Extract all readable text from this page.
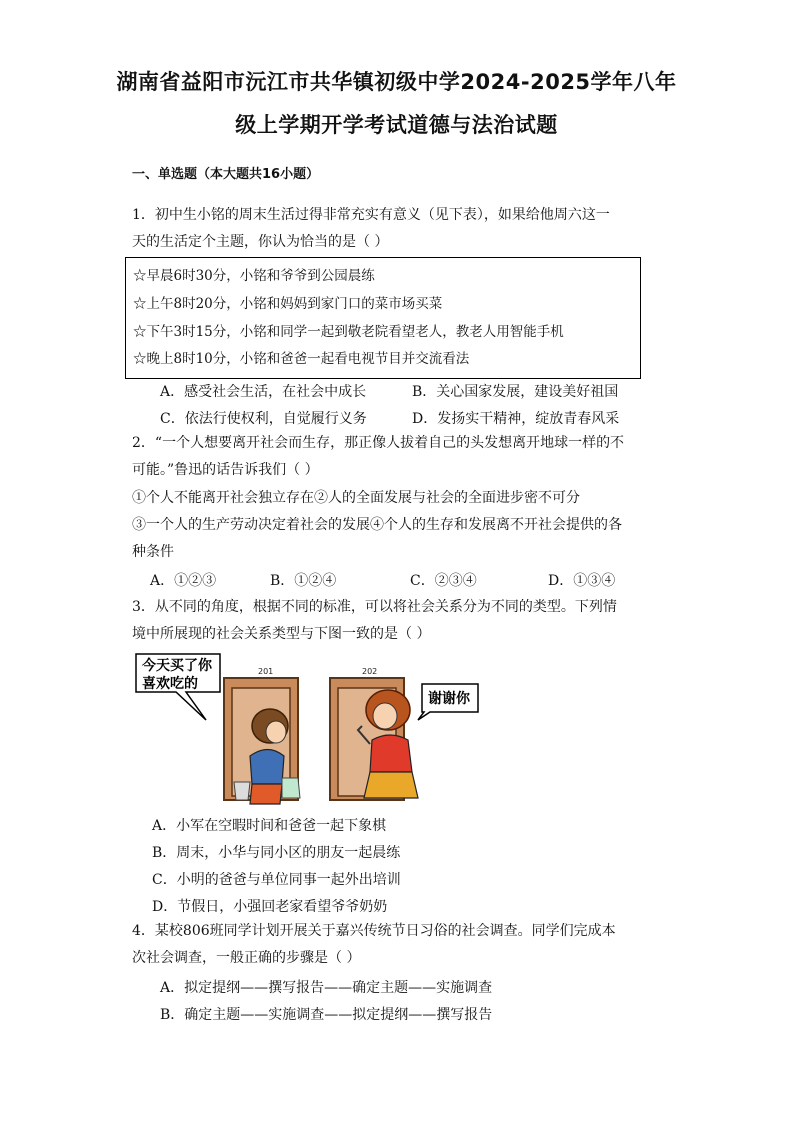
湖南省益阳市沅江市共华镇初级中学2024-2025学年八年
级上学期开学考试道德与法治试题
一、单选题（本大题共16小题）
1．初中生小铭的周末生活过得非常充实有意义（见下表），如果给他周六这一
天的生活定个主题，你认为恰当的是（ ）
☆早晨6时30分，小铭和爷爷到公园晨练
☆上午8时20分，小铭和妈妈到家门口的菜市场买菜
☆下午3时15分，小铭和同学一起到敬老院看望老人，教老人用智能手机
☆晚上8时10分，小铭和爸爸一起看电视节目并交流看法
A．感受社会生活，在社会中成长	B．关心国家发展，建设美好祖国
C．依法行使权利，自觉履行义务	D．发扬实干精神，绽放青春风采
2．“一个人想要离开社会而生存，那正像人拔着自己的头发想离开地球一样的不
可能。”鲁迅的话告诉我们（ ）
①个人不能离开社会独立存在②人的全面发展与社会的全面进步密不可分
③一个人的生产劳动决定着社会的发展④个人的生存和发展离不开社会提供的各
种条件
A．①②③	B．①②④	C．②③④	D．①③④
3．从不同的角度，根据不同的标准，可以将社会关系分为不同的类型。下列情
境中所展现的社会关系类型与下图一致的是（ ）
201	202
今天买了你
喜欢吃的
谢谢你
A．小军在空暇时间和爸爸一起下象棋
B．周末，小华与同小区的朋友一起晨练
C．小明的爸爸与单位同事一起外出培训
D．节假日，小强回老家看望爷爷奶奶
4．某校806班同学计划开展关于嘉兴传统节日习俗的社会调查。同学们完成本
次社会调查，一般正确的步骤是（ ）
A．拟定提纲——撰写报告——确定主题——实施调查
B．确定主题——实施调查——拟定提纲——撰写报告
